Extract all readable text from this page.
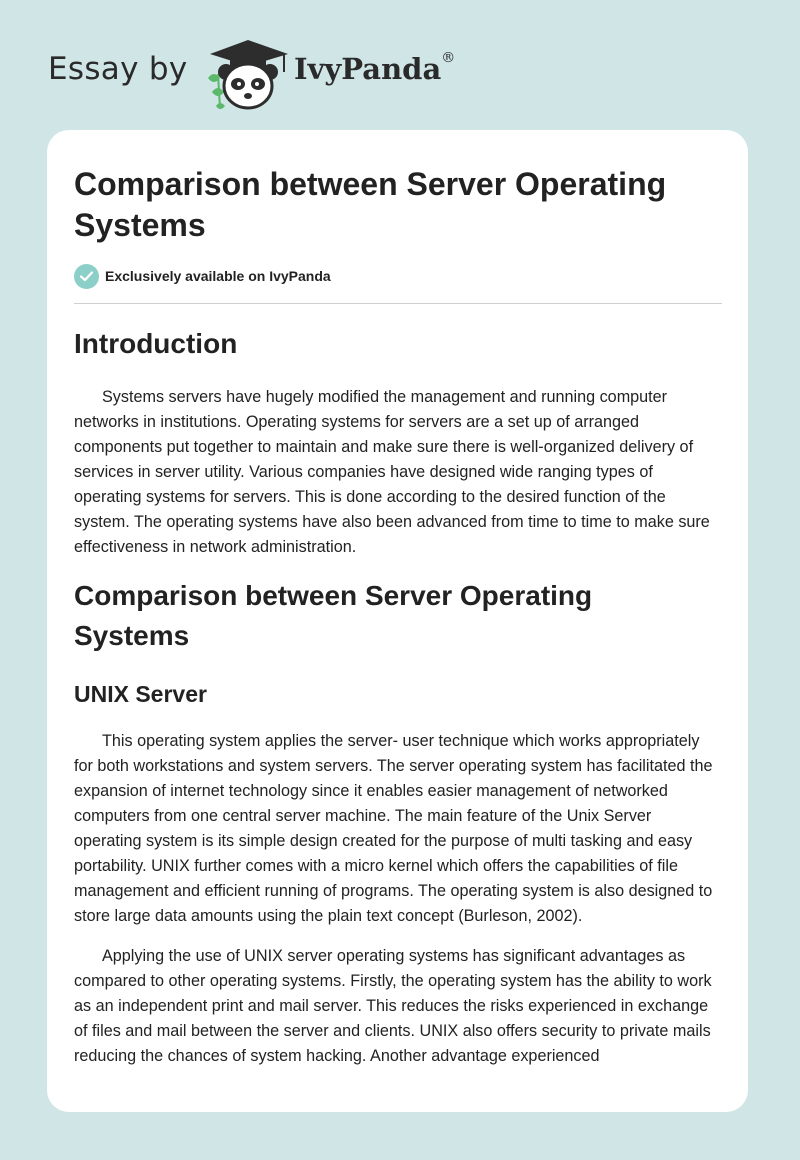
Essay by	IvyPanda®
Comparison between Server Operating Systems
Exclusively available on IvyPanda
Introduction

Systems servers have hugely modified the management and running computer networks in institutions. Operating systems for servers are a set up of arranged components put together to maintain and make sure there is well-organized delivery of services in server utility. Various companies have designed wide ranging types of operating systems for servers. This is done according to the desired function of the system. The operating systems have also been advanced from time to time to make sure effectiveness in network administration.

Comparison between Server Operating Systems
UNIX Server

This operating system applies the server- user technique which works appropriately for both workstations and system servers. The server operating system has facilitated the expansion of internet technology since it enables easier management of networked computers from one central server machine. The main feature of the Unix Server operating system is its simple design created for the purpose of multi tasking and easy portability. UNIX further comes with a micro kernel which offers the capabilities of file management and efficient running of programs. The operating system is also designed to store large data amounts using the plain text concept (Burleson, 2002).

Applying the use of UNIX server operating systems has significant advantages as compared to other operating systems. Firstly, the operating system has the ability to work as an independent print and mail server. This reduces the risks experienced in exchange of files and mail between the server and clients. UNIX also offers security to private mails reducing the chances of system hacking. Another advantage experienced
